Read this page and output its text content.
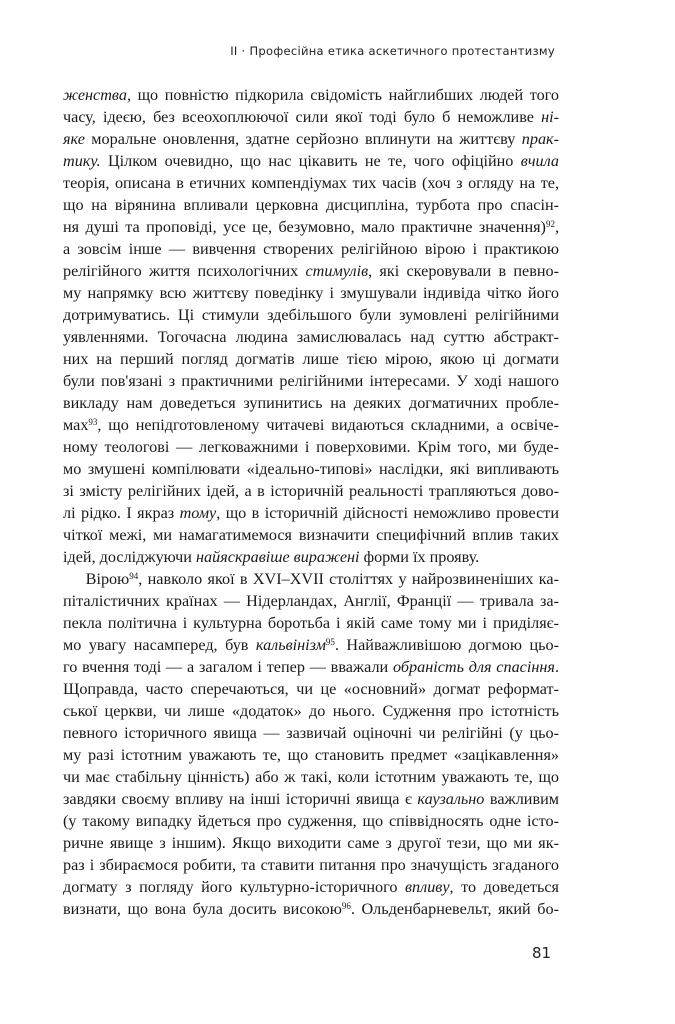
II · Професійна етика аскетичного протестантизму
женства, що повністю підкорила свідомість найглибших людей того
часу, ідеєю, без всеохоплюючої сили якої тоді було б неможливе ні-
яке моральне оновлення, здатне серйозно вплинути на життєву прак-
тику. Цілком очевидно, що нас цікавить не те, чого офіційно вчила
теорія, описана в етичних компендіумах тих часів (хоч з огляду на те,
що на вірянина впливали церковна дисципліна, турбота про спасін-
ня душі та проповіді, усе це, безумовно, мало практичне значення)$^{92}$,
а зовсім інше — вивчення створених релігійною вірою і практикою
релігійного життя психологічних стимулів, які скеровували в певно-
му напрямку всю життєву поведінку і змушували індивіда чітко його
дотримуватись. Ці стимули здебільшого були зумовлені релігійними
уявленнями. Тогочасна людина замислювалась над суттю абстракт-
них на перший погляд догматів лише тією мірою, якою ці догмати
були пов'язані з практичними релігійними інтересами. У ході нашого
викладу нам доведеться зупинитись на деяких догматичних пробле-
мах$^{93}$, що непідготовленому читачеві видаються складними, а освіче-
ному теологові — легковажними і поверховими. Крім того, ми буде-
мо змушені компілювати «ідеально-типові» наслідки, які випливають
зі змісту релігійних ідей, а в історичній реальності трапляються дово-
лі рідко. І якраз тому, що в історичній дійсності неможливо провести
чіткої межі, ми намагатимемося визначити специфічний вплив таких
ідей, досліджуючи найяскравіше виражені форми їх прояву.
Вірою$^{94}$, навколо якої в XVI–XVII століттях у найрозвиненіших ка-
піталістичних країнах — Нідерландах, Англії, Франції — тривала за-
пекла політична і культурна боротьба і якій саме тому ми і приділяє-
мо увагу насамперед, був кальвінізм$^{95}$. Найважливішою догмою цьо-
го вчення тоді — а загалом і тепер — вважали обраність для спасіння.
Щоправда, часто сперечаються, чи це «основний» догмат реформат-
ської церкви, чи лише «додаток» до нього. Судження про істотність
певного історичного явища — зазвичай оціночні чи релігійні (у цьо-
му разі істотним уважають те, що становить предмет «зацікавлення»
чи має стабільну цінність) або ж такі, коли істотним уважають те, що
завдяки своєму впливу на інші історичні явища є каузально важливим
(у такому випадку йдеться про судження, що співвідносять одне істо-
ричне явище з іншим). Якщо виходити саме з другої тези, що ми як-
раз і збираємося робити, та ставити питання про значущість згаданого
догмату з погляду його культурно-історичного впливу, то доведеться
визнати, що вона була досить високою$^{96}$. Ольденбарневельт, який бо-
81
